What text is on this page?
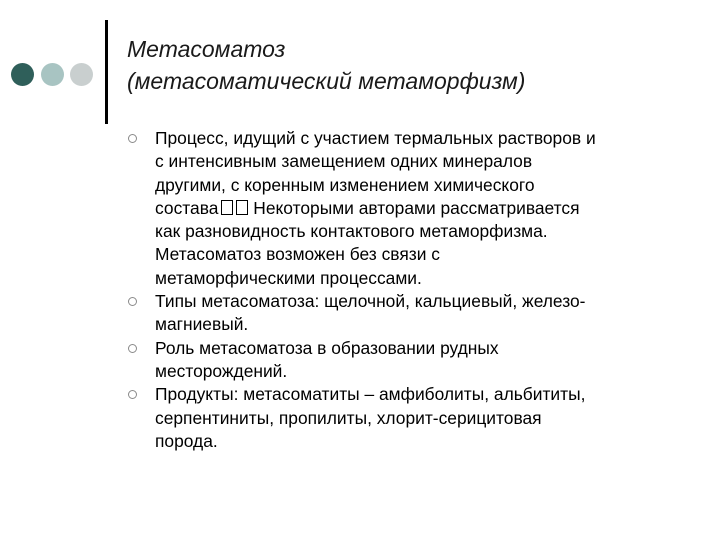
Метасоматоз
(метасоматический метаморфизм)
Процесс, идущий с участием термальных растворов и
с интенсивным замещением одних минералов
другими, с коренным изменением химического
состава Некоторыми авторами рассматривается
как разновидность контактового метаморфизма.
Метасоматоз возможен без связи с
метаморфическими процессами.
Типы метасоматоза: щелочной, кальциевый, железо-
магниевый.
Роль метасоматоза в образовании рудных
месторождений.
Продукты: метасоматиты – амфиболиты, альбититы,
серпентиниты, пропилиты, хлорит-серицитовая
порода.
